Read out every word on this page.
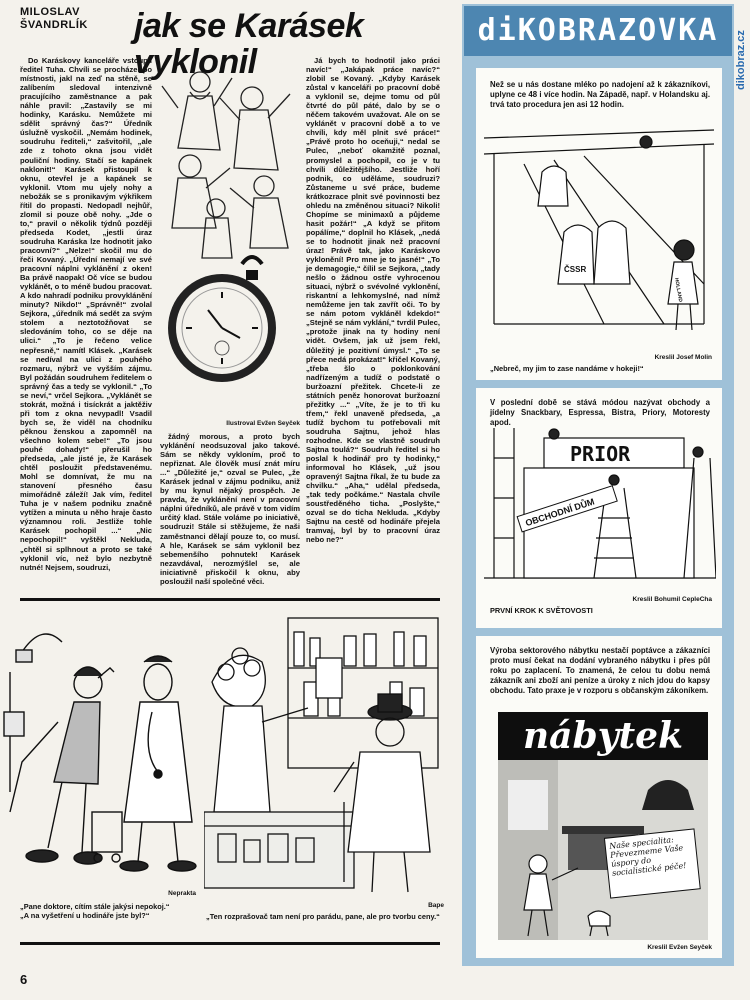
MILOSLAV
ŠVANDRLÍK	jak se Karásek vyklonil

Do Karáskovy kanceláře vstoupil ředitel Tuha. Chvíli se procházel po místnosti, jakl na zeď na stěně, se zalíbením sledoval intenzivně pracujícího zaměstnance a pak náhle pravil: „Zastavily se mi hodinky, Karásku. Nemůžete mi sdělit správný čas?“ Úředník úslužně vyskočil. „Nemám hodinek, soudruhu řediteli,“ zašvitořil, „ale zde z tohoto okna jsou vidět pouliční hodiny. Stačí se kapánek naklonit!“ Karásek přistoupil k oknu, otevřel je a kapánek se vyklonil. Vtom mu ujely nohy a nebožák se s pronikavým výkřikem řítil do propasti. Nedopadl nejhůř, zlomil si pouze obě nohy. „Jde o to,“ pravil o několik týdnů později předseda Kodet, „jestli úraz soudruha Karáska lze hodnotit jako pracovní?“ „Nelze!“ skočil mu do řeči Kovaný. „Úřední nemají ve své pracovní náplni vyklánění z oken! Ba právě naopak! Oč více se budou vyklánět, o to méně budou pracovat. A kdo nahradí podniku provyklánění minuty? Nikdo!“ „Správně!“ zvolal Sejkora, „úředník má sedět za svým stolem a neztotožňovat se sledováním toho, co se děje na ulici.“ „To je řečeno velice nepřesně,“ namítl Klásek. „Karásek se nedíval na ulici z pouhého rozmaru, nýbrž ve vyšším zájmu. Byl požádán soudruhem ředitelem o správný čas a tedy se vyklonil.“ „To se neví,“ vrčel Sejkora. „Vyklánět se stokrát, možná i tisíckrát a jaktěživ při tom z okna nevypadl! Vsadil bych se, že viděl na chodníku pěknou ženskou a zapomněl na všechno kolem sebe!“ „To jsou pouhé dohady!“ přerušil ho předseda, „ale jisté je, že Karásek chtěl posloužit představenému. Mohl se domnívat, že mu na stanovení přesného času mimořádně záleží! Jak vím, ředitel Tuha je v našem podniku značně vytížen a minuta u něho hraje často významnou roli. Jestliže tohle Karásek pochopil ...“ „Nic nepochopil!“ vyštěkl Nekluda, „chtěl si splhnout a proto se také vyklonil víc, než bylo nezbytně nutné! Nejsem, soudruzi,

Ilustroval Evžen Seyček

žádný morous, a proto bych vyklánění neodsuzoval jako takové. Sám se někdy vykloním, proč to nepřiznat. Ale člověk musí znát míru ...“ „Důležité je,“ ozval se Pulec, „že Karásek jednal v zájmu podniku, aniž by mu kynul nějaký prospěch. Je pravda, že vyklánění není v pracovní náplni úředníků, ale právě v tom vidím určitý klad. Stále voláme po iniciativě, soudruzi! Stále si stěžujeme, že naši zaměstnanci dělají pouze to, co musí. A hle, Karásek se sám vyklonil bez sebemenšího pohnutek! Karásek nezavdával, nerozmýšlel se, ale iniciativně přiskočil k oknu, aby posloužil naší společné věci.

Já bych to hodnotil jako práci navíc!“ „Jakápak práce navíc?“ zlobil se Kovaný. „Kdyby Karásek zůstal v kanceláři po pracovní době a vyklonil se, dejme tomu od půl čtvrté do půl páté, dalo by se o něčem takovém uvažovat. Ale on se vyklánět v pracovní době a to ve chvíli, kdy měl plnit své práce!“ „Právě proto ho oceňuji,“ nedal se Pulec, „neboť okamžitě poznal, promyslel a pochopil, co je v tu chvíli důležitějšího. Jestliže hoří podnik, co uděláme, soudruzi? Zůstaneme u své práce, budeme krátkozrace plnit své povinnosti bez ohledu na změněnou situaci? Nikoli! Chopíme se minimaxů a půjdeme hasit požár!“ „A když se přitom popálíme,“ doplnil ho Klásek, „nedá se to hodnotit jinak než pracovní úraz! Právě tak, jako Karáskovo vyklonění! Pro mne je to jasné!“ „To je demagogie,“ čílil se Sejkora, „tady nešlo o žádnou ostře vyhrocenou situaci, nýbrž o svévolné vyklonění, riskantní a lehkomyslné, nad nímž nemůžeme jen tak zavřít oči. To by se nám potom vykláněl kdekdo!“ „Stejně se nám vyklání,“ tvrdil Pulec, „protože jinak na ty hodiny není vidět. Ovšem, jak už jsem řekl, důležitý je pozitivní úmysl.“ „To se přece nedá prokázat!“ křičel Kovaný, „třeba šlo o poklonkování nadřízeným a tudíž o podstatě o buržoazní přežitek. Chcete-li ze státních peněz honorovat buržoazní přežitky ...“ „Víte, že je to tři ku třem,“ řekl unaveně předseda, „a tudíž bychom tu potřebovali mít soudruha Sajtnu, jehož hlas rozhodne. Kde se vlastně soudruh Sajtna toulá?“ Soudruh ředitel si ho poslal k hodinář pro ty hodinky,“ informoval ho Klásek, „už jsou opravený! Sajtna říkal, že tu bude za chvilku.“ „Aha,“ udělal předseda, „tak tedy počkáme.“ Nastala chvíle soustředěného ticha. „Poslyšte,“ ozval se do ticha Nekluda. „Kdyby Sajtnu na cestě od hodináře přejela tramvaj, byl by to pracovní úraz nebo ne?“

Neprakta
„Pane doktore, cítím stále jakýsi nepokoj.“
„A na vyšetření u hodináře jste byl?“
Bape
„Ten rozprašovač tam není pro parádu, pane, ale pro tvorbu ceny.“
6
diKOBRAZOVKA	dikobraz.cz
Než se u nás dostane mléko po nadojení až k zákazníkovi, uplyne ce 48 i více hodin. Na Západě, např. v Holandsku aj. trvá tato procedura jen asi 12 hodin.
ČSSR
HOLLAND
Kreslil Josef Molin
„Nebreč, my jim to zase nandáme v hokeji!“
V poslední době se stává módou nazývat obchody a jídelny Snackbary, Espressa, Bistra, Priory, Motoresty apod.
PRIOR
OBCHODNÍ DŮM
Kreslil Bohumil CepleCha
PRVNÍ KROK K SVĚTOVOSTI
Výroba sektorového nábytku nestačí poptávce a zákazníci proto musí čekat na dodání vybraného nábytku i přes půl roku po zaplacení. To znamená, že celou tu dobu nemá zákazník ani zboží ani peníze a úroky z nich jdou do kapsy obchodu. Tato praxe je v rozporu s občanským zákoníkem.
nábytek
Naše specialita: Převezmeme Vaše úspory do socialistické péče!
Kreslil Evžen Seyček
